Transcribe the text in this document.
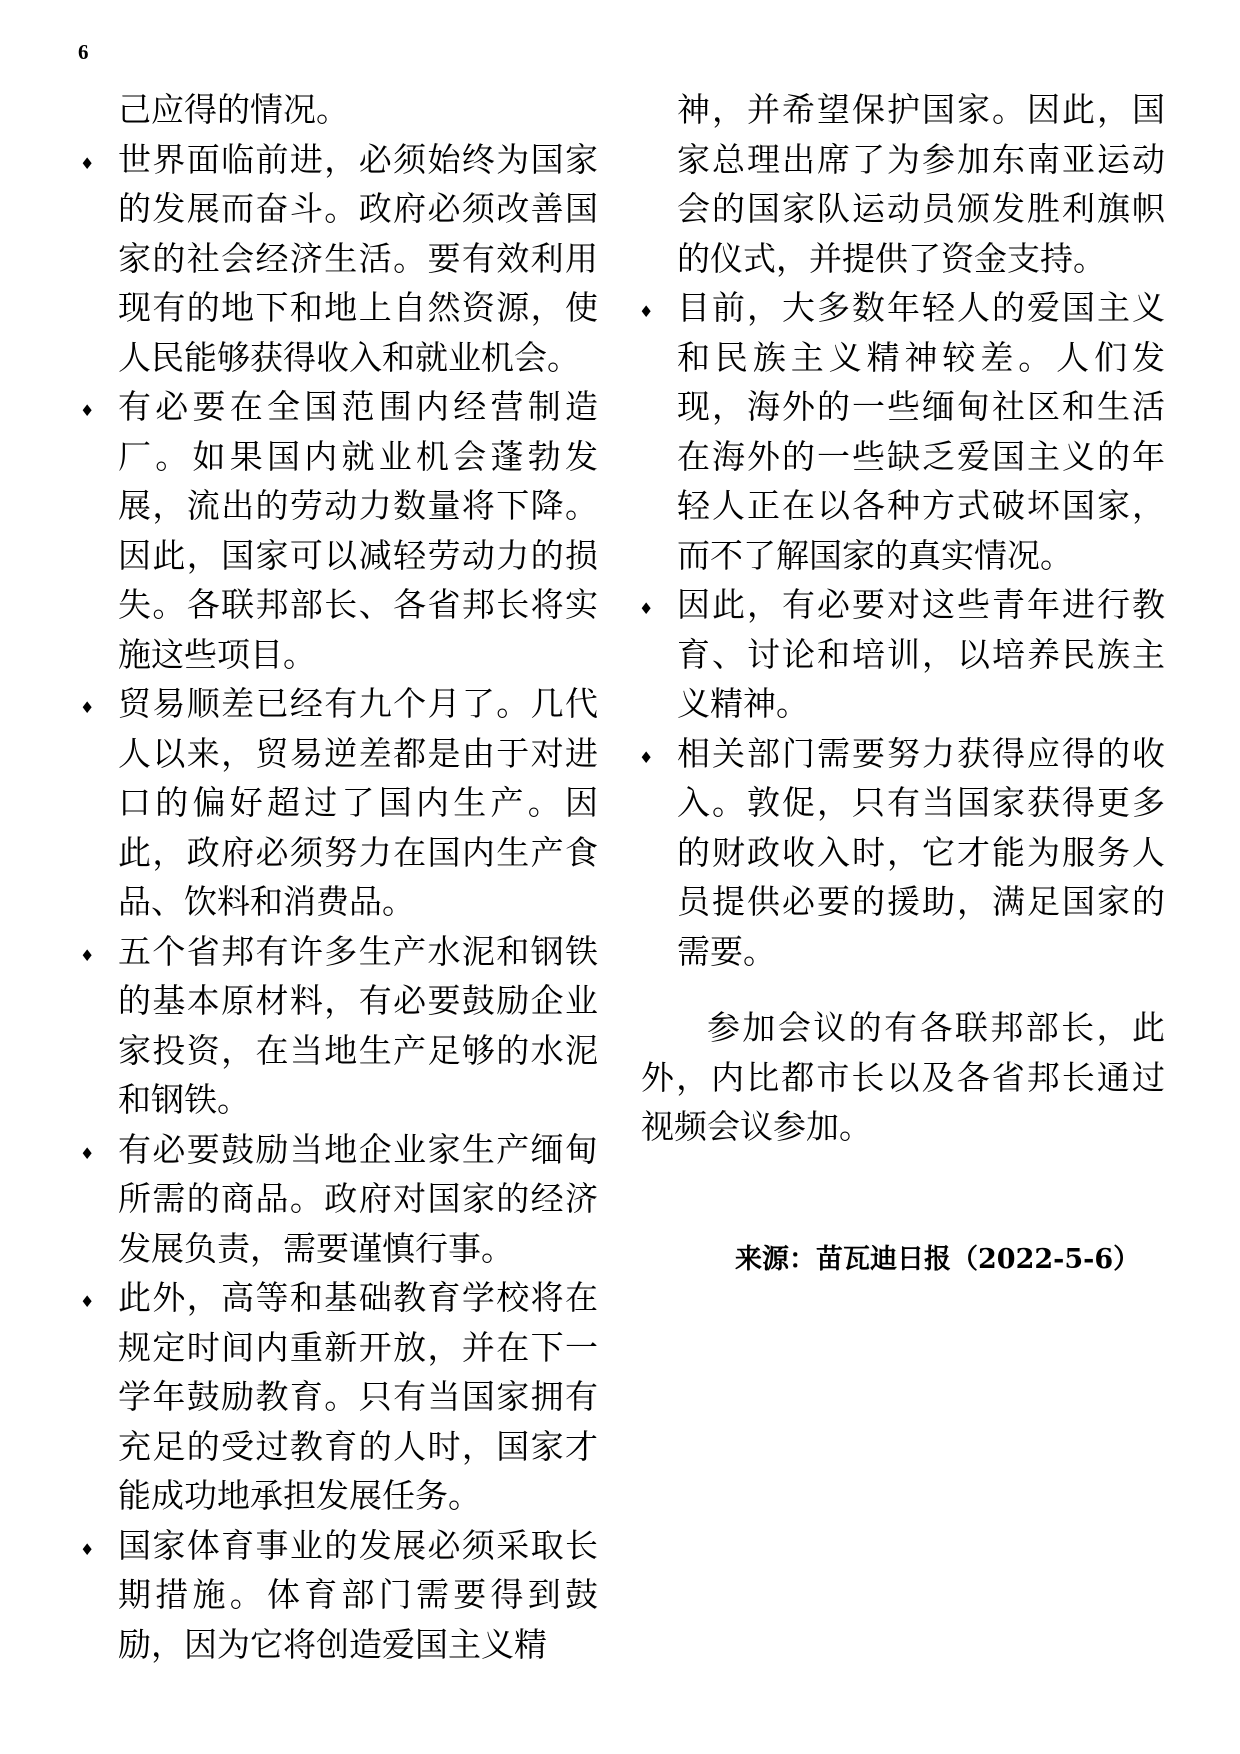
6

己应得的情况。

♦ 世界面临前进，必须始终为国家的发展而奋斗。政府必须改善国家的社会经济生活。要有效利用现有的地下和地上自然资源，使人民能够获得收入和就业机会。
♦ 有必要在全国范围内经营制造厂。如果国内就业机会蓬勃发展，流出的劳动力数量将下降。因此，国家可以减轻劳动力的损失。各联邦部长、各省邦长将实施这些项目。
♦ 贸易顺差已经有九个月了。几代人以来，贸易逆差都是由于对进口的偏好超过了国内生产。因此，政府必须努力在国内生产食品、饮料和消费品。
♦ 五个省邦有许多生产水泥和钢铁的基本原材料，有必要鼓励企业家投资，在当地生产足够的水泥和钢铁。
♦ 有必要鼓励当地企业家生产缅甸所需的商品。政府对国家的经济发展负责，需要谨慎行事。
♦ 此外，高等和基础教育学校将在规定时间内重新开放，并在下一学年鼓励教育。只有当国家拥有充足的受过教育的人时，国家才能成功地承担发展任务。
♦ 国家体育事业的发展必须采取长期措施。体育部门需要得到鼓励，因为它将创造爱国主义精

神，并希望保护国家。因此，国家总理出席了为参加东南亚运动会的国家队运动员颁发胜利旗帜的仪式，并提供了资金支持。

♦ 目前，大多数年轻人的爱国主义和民族主义精神较差。人们发现，海外的一些缅甸社区和生活在海外的一些缺乏爱国主义的年轻人正在以各种方式破坏国家，而不了解国家的真实情况。
♦ 因此，有必要对这些青年进行教育、讨论和培训，以培养民族主义精神。
♦ 相关部门需要努力获得应得的收入。敦促，只有当国家获得更多的财政收入时，它才能为服务人员提供必要的援助，满足国家的需要。

参加会议的有各联邦部长，此外，内比都市长以及各省邦长通过视频会议参加。

来源：苗瓦迪日报（2022-5-6）
